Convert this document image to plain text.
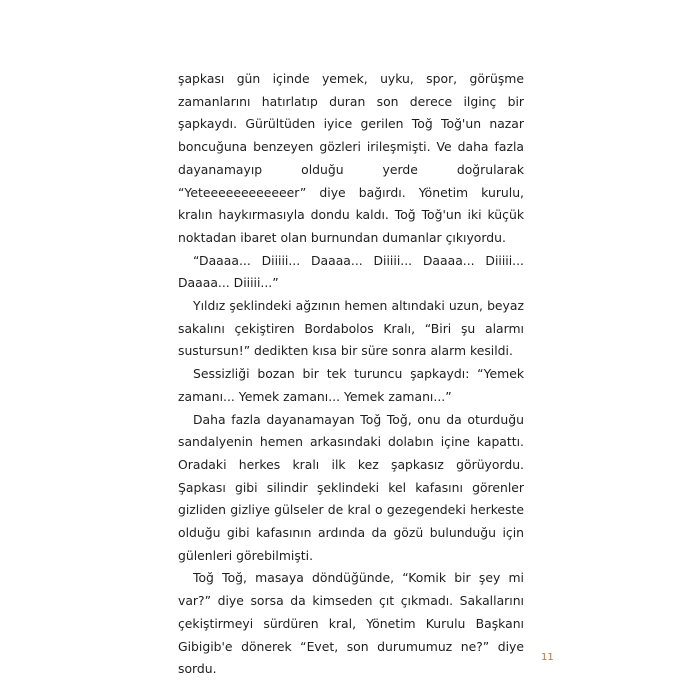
şapkası gün içinde yemek, uyku, spor, görüşme zamanlarını hatırlatıp duran son derece ilginç bir şapkaydı. Gürültüden iyice gerilen Toğ Toğ'un nazar boncuğuna benzeyen gözleri irileşmişti. Ve daha fazla dayanamayıp olduğu yerde doğrularak “Yeteeeeeeeeeeeer” diye bağırdı. Yönetim kurulu, kralın haykırmasıyla dondu kaldı. Toğ Toğ'un iki küçük noktadan ibaret olan burnundan dumanlar çıkıyordu.

“Daaaa... Diiiii... Daaaa... Diiiii... Daaaa... Diiiii... Daaaa... Diiiii...”

Yıldız şeklindeki ağzının hemen altındaki uzun, beyaz sakalını çekiştiren Bordabolos Kralı, “Biri şu alarmı sustursun!” dedikten kısa bir süre sonra alarm kesildi.

Sessizliği bozan bir tek turuncu şapkaydı: “Yemek zamanı... Yemek zamanı... Yemek zamanı...”

Daha fazla dayanamayan Toğ Toğ, onu da oturduğu sandalyenin hemen arkasındaki dolabın içine kapattı. Oradaki herkes kralı ilk kez şapkasız görüyordu. Şapkası gibi silindir şeklindeki kel kafasını görenler gizliden gizliye gülseler de kral o gezegendeki herkeste olduğu gibi kafasının ardında da gözü bulunduğu için gülenleri görebilmişti.

Toğ Toğ, masaya döndüğünde, “Komik bir şey mi var?” diye sorsa da kimseden çıt çıkmadı. Sakallarını çekiştirmeyi sürdüren kral, Yönetim Kurulu Başkanı Gibigib'e dönerek “Evet, son durumumuz ne?” diye sordu.

11
